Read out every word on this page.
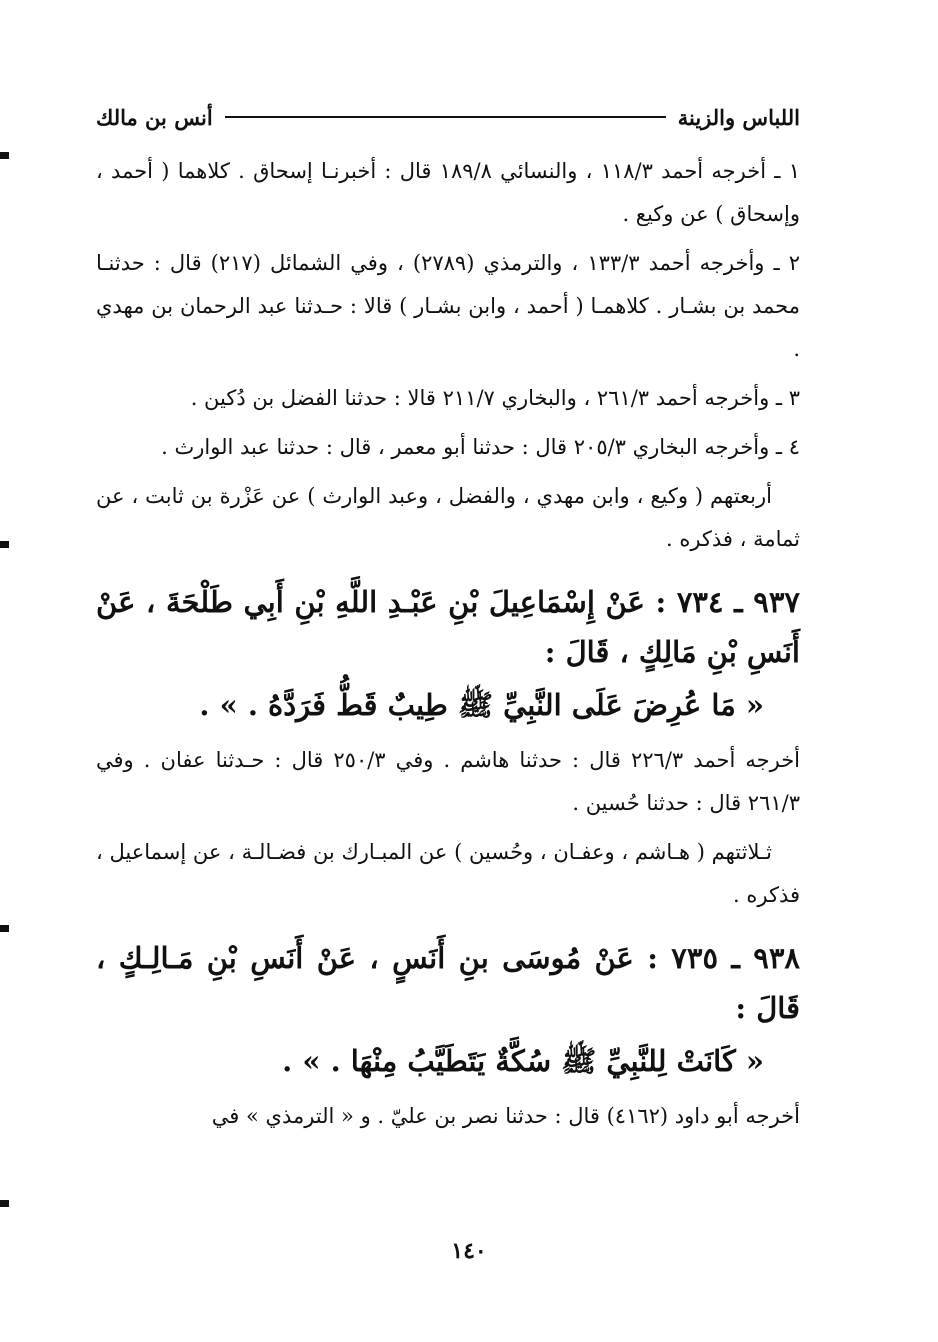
اللباس والزينة
أنس بن مالك

١ ـ أخرجه أحمد ١١٨/٣ ، والنسائي ١٨٩/٨ قال : أخبرنـا إسحاق . كلاهما ( أحمد ، وإسحاق ) عن وكيع .

٢ ـ وأخرجه أحمد ١٣٣/٣ ، والترمذي (٢٧٨٩) ، وفي الشمائل (٢١٧) قال : حدثنـا محمد بن بشـار . كلاهمـا ( أحمد ، وابن بشـار ) قالا : حـدثنا عبد الرحمان بن مهدي .

٣ ـ وأخرجه أحمد ٢٦١/٣ ، والبخاري ٢١١/٧ قالا : حدثنا الفضل بن دُكين .

٤ ـ وأخرجه البخاري ٢٠٥/٣ قال : حدثنا أبو معمر ، قال : حدثنا عبد الوارث .

أربعتهم ( وكيع ، وابن مهدي ، والفضل ، وعبد الوارث ) عن عَزْرة بن ثابت ، عن ثمامة ، فذكره .

٩٣٧ ـ ٧٣٤ : عَنْ إِسْمَاعِيلَ بْنِ عَبْـدِ اللَّهِ بْنِ أَبِي طَلْحَةَ ، عَنْ أَنَسِ بْنِ مَالِكٍ ، قَالَ :

« مَا عُرِضَ عَلَى النَّبِيِّ ﷺ طِيبٌ قَطُّ فَرَدَّهُ . » .

أخرجه أحمد ٢٢٦/٣ قال : حدثنا هاشم . وفي ٢٥٠/٣ قال : حـدثنا عفان . وفي ٢٦١/٣ قال : حدثنا حُسين .

ثـلاثتهم ( هـاشم ، وعفـان ، وحُسين ) عن المبـارك بن فضـالـة ، عن إسماعيل ، فذكره .

٩٣٨ ـ ٧٣٥ : عَنْ مُوسَى بنِ أَنَسٍ ، عَنْ أَنَسِ بْنِ مَـالِـكٍ ، قَالَ :

« كَانَتْ لِلنَّبِيِّ ﷺ سُكَّةٌ يَتَطَيَّبُ مِنْهَا . » .

أخرجه أبو داود (٤١٦٢) قال : حدثنا نصر بن عليّ . و « الترمذي » في

١٤٠
